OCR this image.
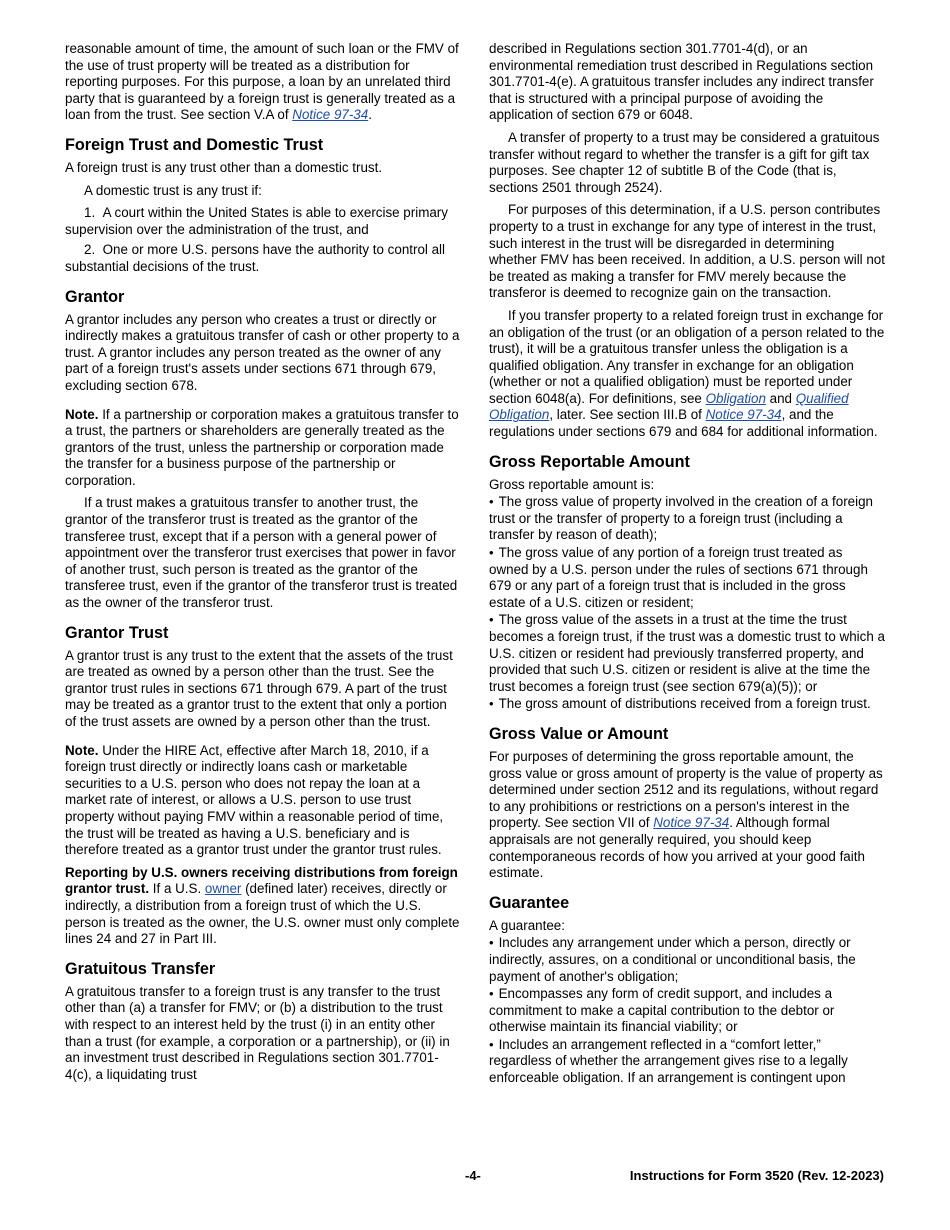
reasonable amount of time, the amount of such loan or the FMV of the use of trust property will be treated as a distribution for reporting purposes. For this purpose, a loan by an unrelated third party that is guaranteed by a foreign trust is generally treated as a loan from the trust. See section V.A of Notice 97-34.

Foreign Trust and Domestic Trust

A foreign trust is any trust other than a domestic trust.

A domestic trust is any trust if:

1.  A court within the United States is able to exercise primary supervision over the administration of the trust, and

2.  One or more U.S. persons have the authority to control all substantial decisions of the trust.

Grantor

A grantor includes any person who creates a trust or directly or indirectly makes a gratuitous transfer of cash or other property to a trust. A grantor includes any person treated as the owner of any part of a foreign trust's assets under sections 671 through 679, excluding section 678.

Note. If a partnership or corporation makes a gratuitous transfer to a trust, the partners or shareholders are generally treated as the grantors of the trust, unless the partnership or corporation made the transfer for a business purpose of the partnership or corporation.

If a trust makes a gratuitous transfer to another trust, the grantor of the transferor trust is treated as the grantor of the transferee trust, except that if a person with a general power of appointment over the transferor trust exercises that power in favor of another trust, such person is treated as the grantor of the transferee trust, even if the grantor of the transferor trust is treated as the owner of the transferor trust.

Grantor Trust

A grantor trust is any trust to the extent that the assets of the trust are treated as owned by a person other than the trust. See the grantor trust rules in sections 671 through 679. A part of the trust may be treated as a grantor trust to the extent that only a portion of the trust assets are owned by a person other than the trust.

Note. Under the HIRE Act, effective after March 18, 2010, if a foreign trust directly or indirectly loans cash or marketable securities to a U.S. person who does not repay the loan at a market rate of interest, or allows a U.S. person to use trust property without paying FMV within a reasonable period of time, the trust will be treated as having a U.S. beneficiary and is therefore treated as a grantor trust under the grantor trust rules.

Reporting by U.S. owners receiving distributions from foreign grantor trust. If a U.S. owner (defined later) receives, directly or indirectly, a distribution from a foreign trust of which the U.S. person is treated as the owner, the U.S. owner must only complete lines 24 and 27 in Part III.

Gratuitous Transfer

A gratuitous transfer to a foreign trust is any transfer to the trust other than (a) a transfer for FMV; or (b) a distribution to the trust with respect to an interest held by the trust (i) in an entity other than a trust (for example, a corporation or a partnership), or (ii) in an investment trust described in Regulations section 301.7701-4(c), a liquidating trust

described in Regulations section 301.7701-4(d), or an environmental remediation trust described in Regulations section 301.7701-4(e). A gratuitous transfer includes any indirect transfer that is structured with a principal purpose of avoiding the application of section 679 or 6048.

A transfer of property to a trust may be considered a gratuitous transfer without regard to whether the transfer is a gift for gift tax purposes. See chapter 12 of subtitle B of the Code (that is, sections 2501 through 2524).

For purposes of this determination, if a U.S. person contributes property to a trust in exchange for any type of interest in the trust, such interest in the trust will be disregarded in determining whether FMV has been received. In addition, a U.S. person will not be treated as making a transfer for FMV merely because the transferor is deemed to recognize gain on the transaction.

If you transfer property to a related foreign trust in exchange for an obligation of the trust (or an obligation of a person related to the trust), it will be a gratuitous transfer unless the obligation is a qualified obligation. Any transfer in exchange for an obligation (whether or not a qualified obligation) must be reported under section 6048(a). For definitions, see Obligation and Qualified Obligation, later. See section III.B of Notice 97-34, and the regulations under sections 679 and 684 for additional information.

Gross Reportable Amount

Gross reportable amount is:

• The gross value of property involved in the creation of a foreign trust or the transfer of property to a foreign trust (including a transfer by reason of death);

• The gross value of any portion of a foreign trust treated as owned by a U.S. person under the rules of sections 671 through 679 or any part of a foreign trust that is included in the gross estate of a U.S. citizen or resident;

• The gross value of the assets in a trust at the time the trust becomes a foreign trust, if the trust was a domestic trust to which a U.S. citizen or resident had previously transferred property, and provided that such U.S. citizen or resident is alive at the time the trust becomes a foreign trust (see section 679(a)(5)); or

• The gross amount of distributions received from a foreign trust.

Gross Value or Amount

For purposes of determining the gross reportable amount, the gross value or gross amount of property is the value of property as determined under section 2512 and its regulations, without regard to any prohibitions or restrictions on a person's interest in the property. See section VII of Notice 97-34. Although formal appraisals are not generally required, you should keep contemporaneous records of how you arrived at your good faith estimate.

Guarantee

A guarantee:

• Includes any arrangement under which a person, directly or indirectly, assures, on a conditional or unconditional basis, the payment of another's obligation;

• Encompasses any form of credit support, and includes a commitment to make a capital contribution to the debtor or otherwise maintain its financial viability; or

• Includes an arrangement reflected in a “comfort letter,” regardless of whether the arrangement gives rise to a legally enforceable obligation. If an arrangement is contingent upon

-4-	Instructions for Form 3520 (Rev. 12-2023)
